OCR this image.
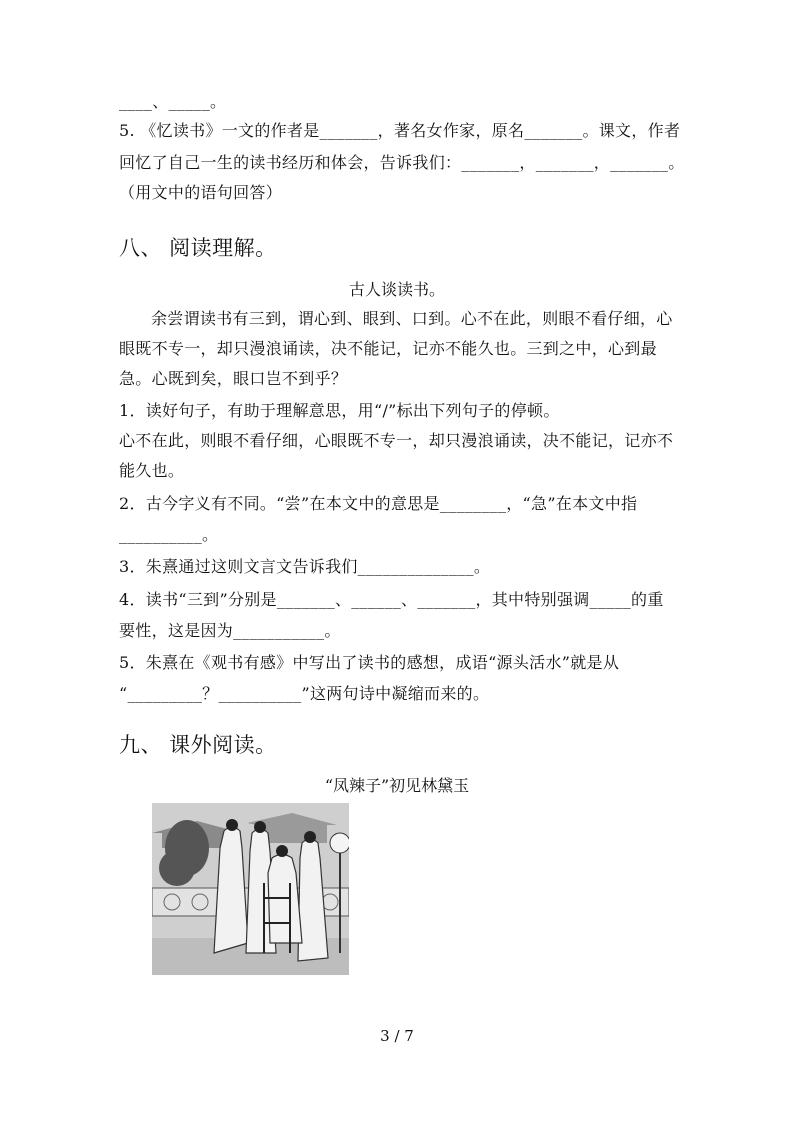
____、_____。
5. 《忆读书》一文的作者是_______，著名女作家，原名_______。课文，作者
回忆了自己一生的读书经历和体会，告诉我们：_______，_______，_______。
（用文中的语句回答）
八、 阅读理解。
古人谈读书。
余尝谓读书有三到，谓心到、眼到、口到。心不在此，则眼不看仔细，心
眼既不专一，却只漫浪诵读，决不能记，记亦不能久也。三到之中，心到最
急。心既到矣，眼口岂不到乎？
1．读好句子，有助于理解意思，用“/”标出下列句子的停顿。
心不在此，则眼不看仔细，心眼既不专一，却只漫浪诵读，决不能记，记亦不
能久也。
2．古今字义有不同。“尝”在本文中的意思是________，“急”在本文中指
__________。
3．朱熹通过这则文言文告诉我们______________。
4．读书“三到”分别是_______、______、_______，其中特别强调_____的重
要性，这是因为___________。
5．朱熹在《观书有感》中写出了读书的感想，成语“源头活水”就是从
“_________？__________”这两句诗中凝缩而来的。
九、 课外阅读。
“凤辣子”初见林黛玉
3 / 7
